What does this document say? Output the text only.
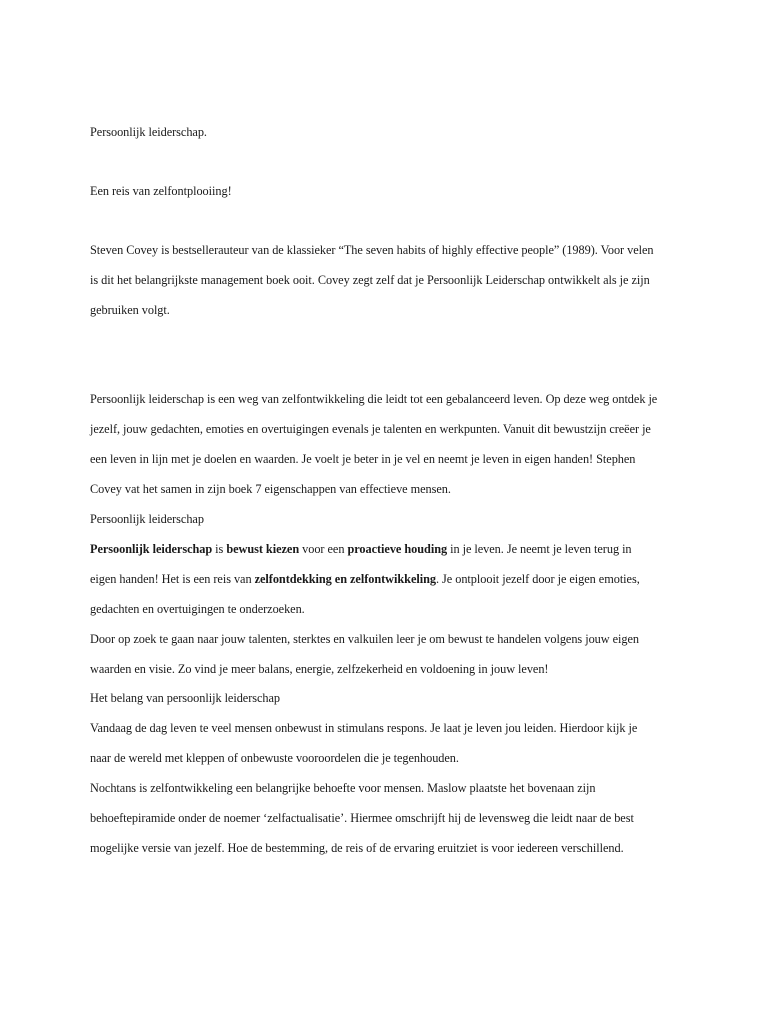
Persoonlijk leiderschap.
Een reis van zelfontplooiing!
Steven Covey is bestsellerauteur van de klassieker “The seven habits of highly effective people” (1989). Voor velen
is dit het belangrijkste management boek ooit. Covey zegt zelf dat je Persoonlijk Leiderschap ontwikkelt als je zijn
gebruiken volgt.
Persoonlijk leiderschap is een weg van zelfontwikkeling die leidt tot een gebalanceerd leven. Op deze weg ontdek je
jezelf, jouw gedachten, emoties en overtuigingen evenals je talenten en werkpunten. Vanuit dit bewustzijn creëer je
een leven in lijn met je doelen en waarden. Je voelt je beter in je vel en neemt je leven in eigen handen! Stephen
Covey vat het samen in zijn boek 7 eigenschappen van effectieve mensen.
Persoonlijk leiderschap
Persoonlijk leiderschap is bewust kiezen voor een proactieve houding in je leven. Je neemt je leven terug in
eigen handen! Het is een reis van zelfontdekking en zelfontwikkeling. Je ontplooit jezelf door je eigen emoties,
gedachten en overtuigingen te onderzoeken.
Door op zoek te gaan naar jouw talenten, sterktes en valkuilen leer je om bewust te handelen volgens jouw eigen
waarden en visie. Zo vind je meer balans, energie, zelfzekerheid en voldoening in jouw leven!
Het belang van persoonlijk leiderschap
Vandaag de dag leven te veel mensen onbewust in stimulans respons. Je laat je leven jou leiden. Hierdoor kijk je
naar de wereld met kleppen of onbewuste vooroordelen die je tegenhouden.
Nochtans is zelfontwikkeling een belangrijke behoefte voor mensen. Maslow plaatste het bovenaan zijn
behoeftepiramide onder de noemer ‘zelfactualisatie’. Hiermee omschrijft hij de levensweg die leidt naar de best
mogelijke versie van jezelf. Hoe de bestemming, de reis of de ervaring eruitziet is voor iedereen verschillend.
